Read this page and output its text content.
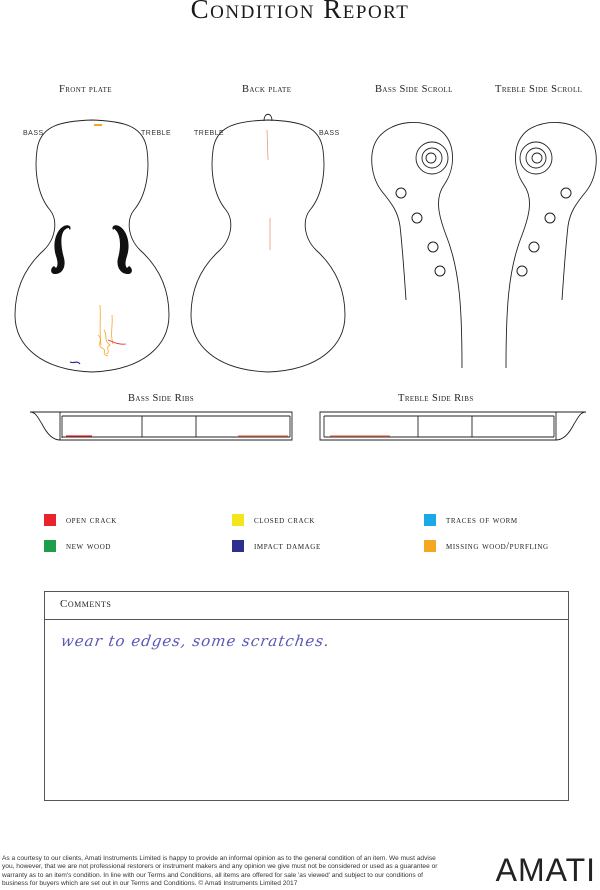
Condition Report
Front plate	Back plate	Bass Side Scroll	Treble Side Scroll
BASS	TREBLE	TREBLE	BASS
Bass Side Ribs	Treble Side Ribs
open crack	closed crack	traces of worm
new wood	impact damage	missing wood/purfling
Comments
wear to edges, some scratches.
As a courtesy to our clients, Amati Instruments Limited is happy to provide an informal opinion as to the general condition of an item. We must advise you, however, that we are not professional restorers or instrument makers and any opinion we give must not be considered or used as a guarantee or warranty as to an item's condition. In line with our Terms and Conditions, all items are offered for sale 'as viewed' and subject to our conditions of business for buyers which are set out in our Terms and Conditions. © Amati Instruments Limited 2017	AMATI
